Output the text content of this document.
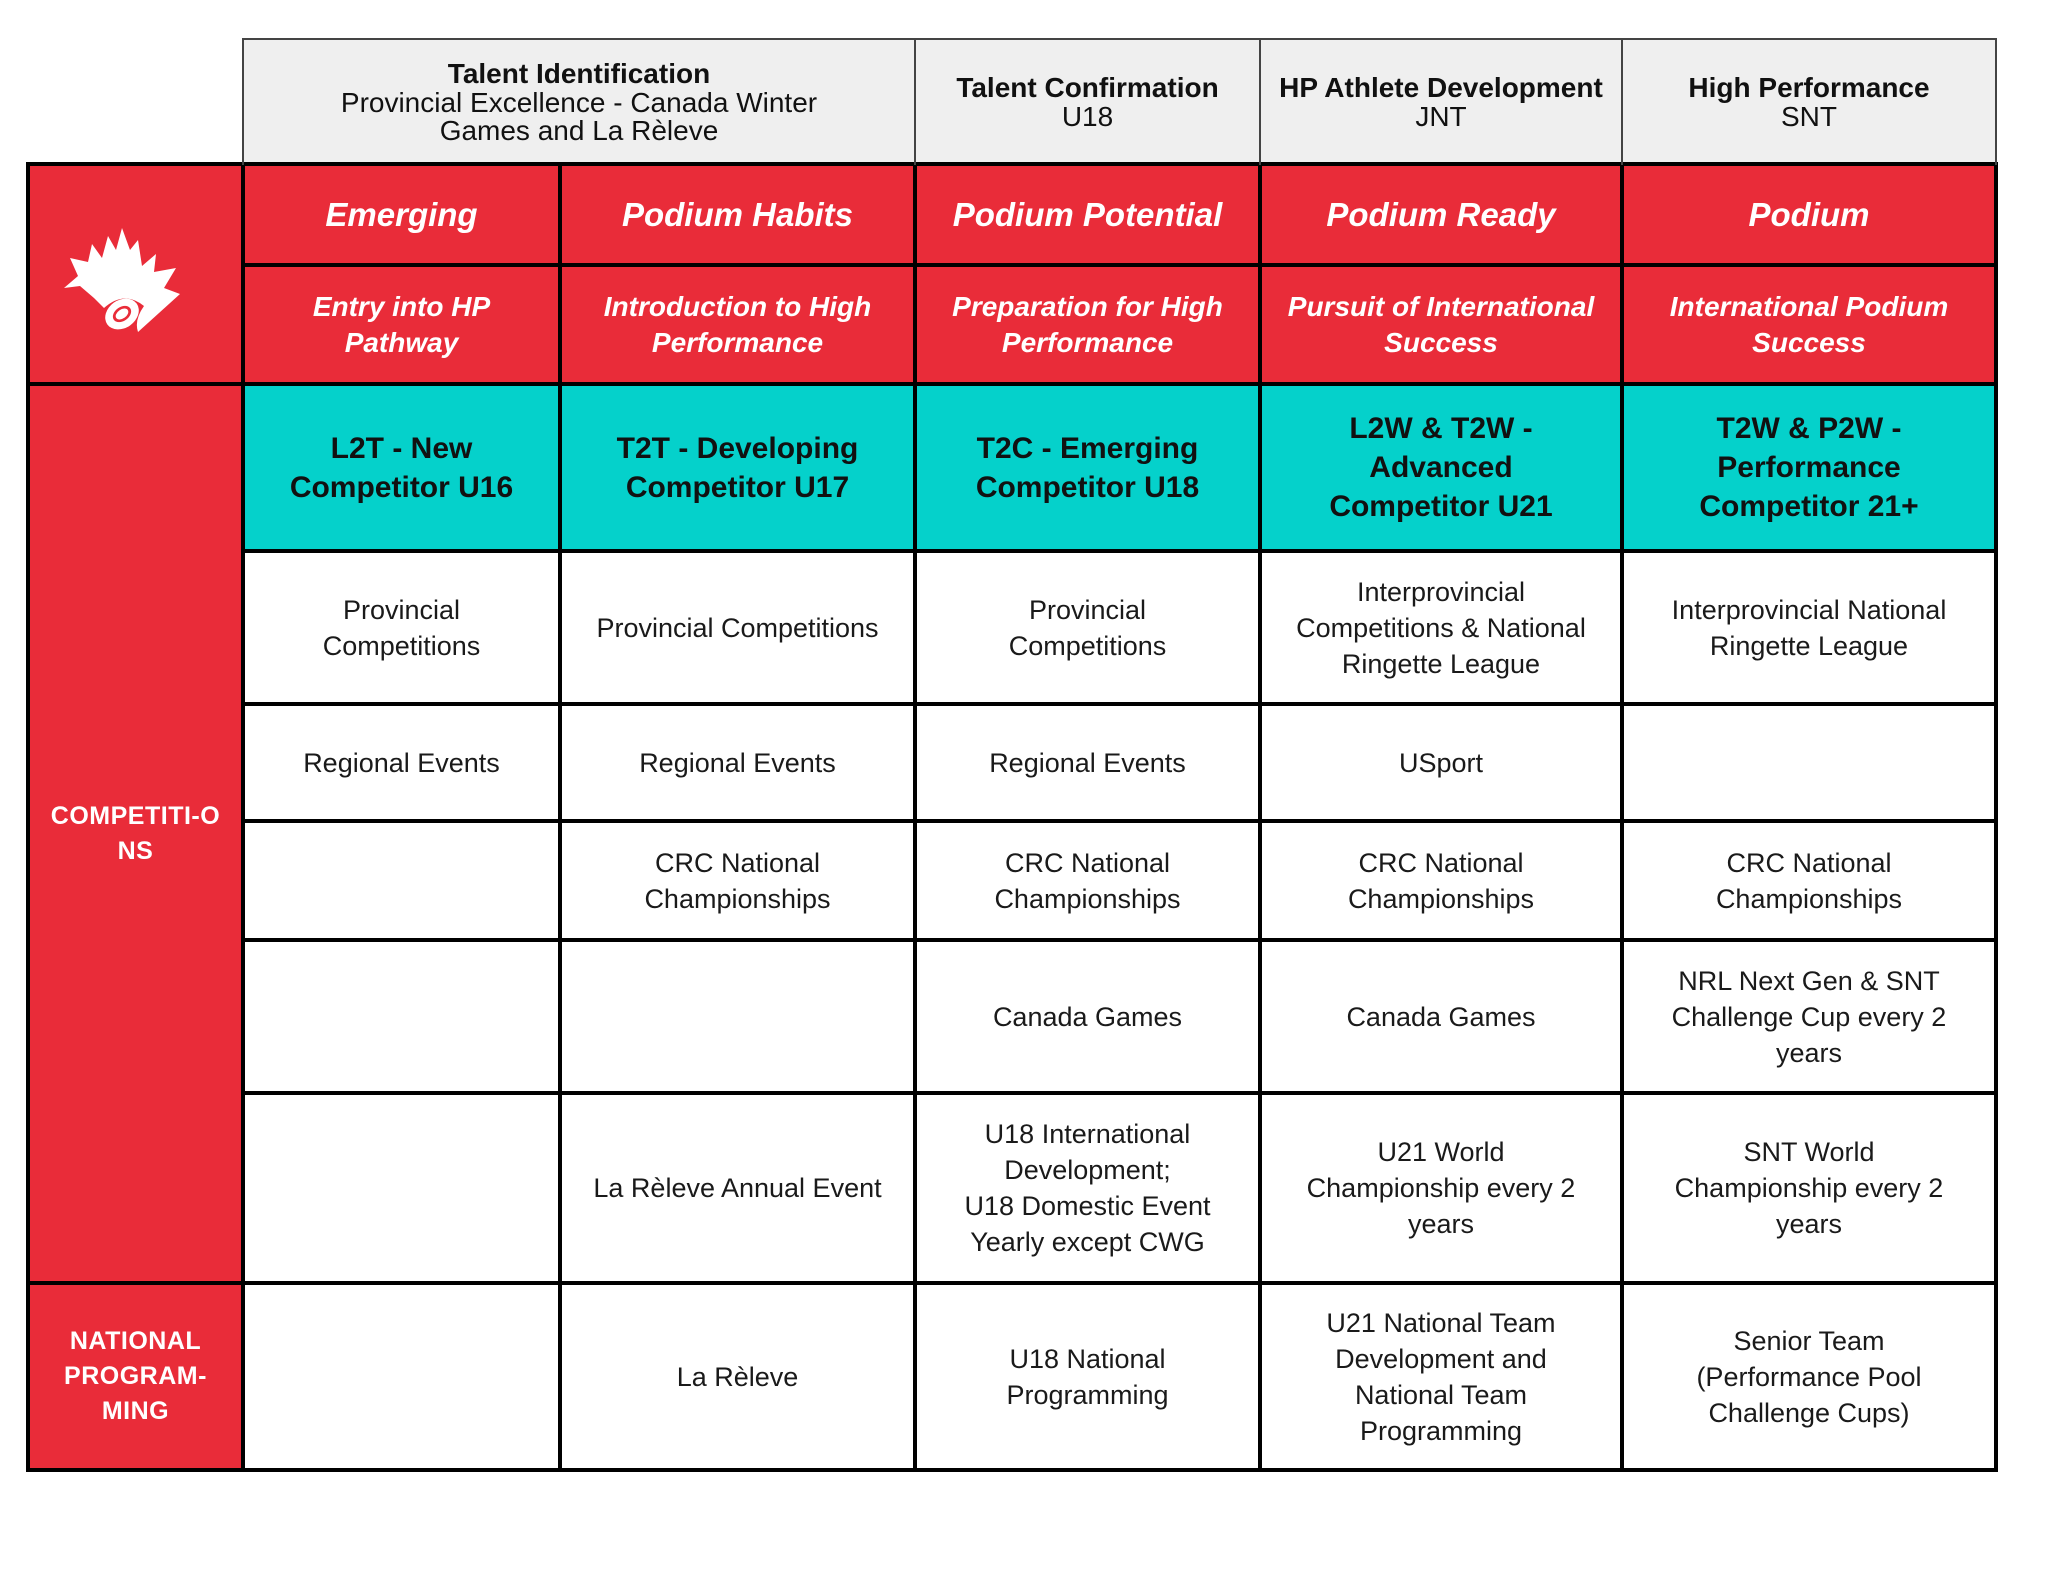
Talent Identification
Provincial Excellence - Canada Winter Games and La Rèleve
Talent Confirmation
U18
HP Athlete Development
JNT
High Performance
SNT
COMPETITI-ONS
NATIONAL PROGRAM-MING
Emerging
Entry into HP Pathway
L2T - New Competitor U16
Provincial Competitions
Regional Events
Podium Habits
Introduction to High Performance
T2T - Developing Competitor U17
Provincial Competitions
Regional Events
CRC National Championships
La Rèleve Annual Event
La Rèleve
Podium Potential
Preparation for High Performance
T2C - Emerging Competitor U18
Provincial Competitions
Regional Events
CRC National Championships
Canada Games
U18 International Development;
U18 Domestic Event Yearly except CWG
U18 National Programming
Podium Ready
Pursuit of International Success
L2W & T2W - Advanced Competitor U21
Interprovincial Competitions & National Ringette League
USport
CRC National Championships
Canada Games
U21 World Championship every 2 years
U21 National Team Development and National Team Programming
Podium
International Podium Success
T2W & P2W - Performance Competitor 21+
Interprovincial National Ringette League
CRC National Championships
NRL Next Gen & SNT Challenge Cup every 2 years
SNT World Championship every 2 years
Senior Team (Performance Pool Challenge Cups)
